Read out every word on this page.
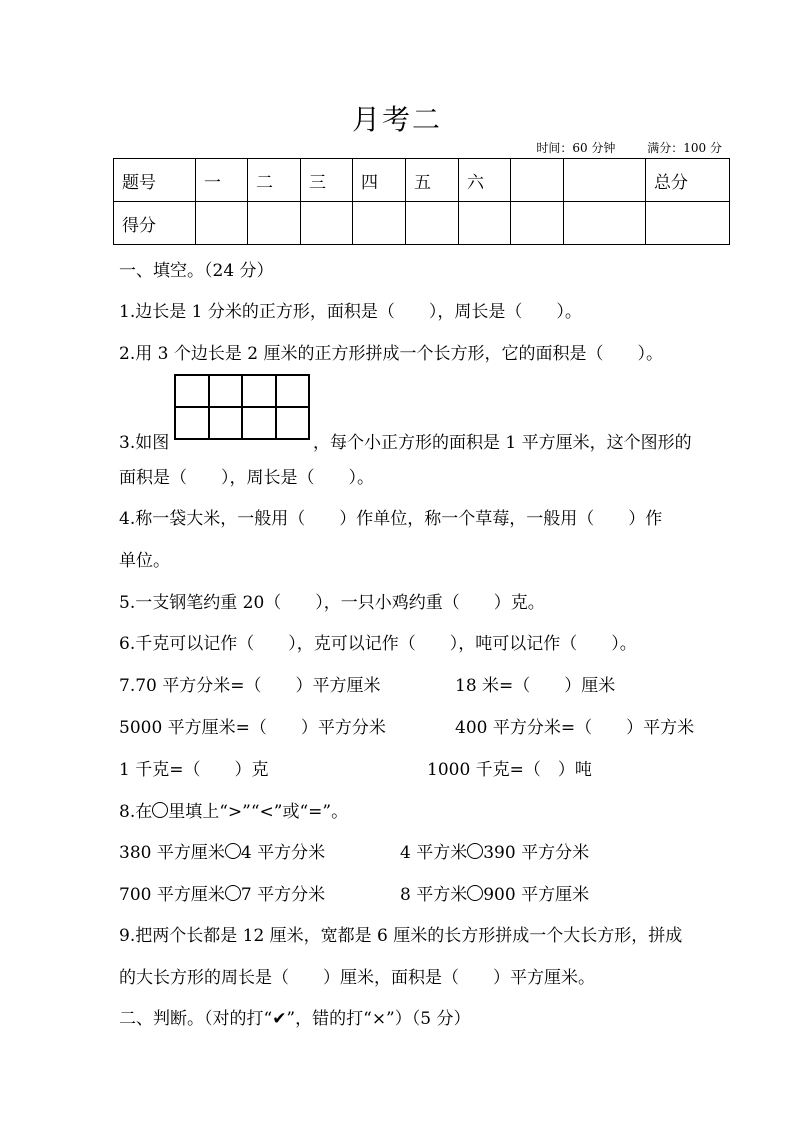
月考二
时间：60 分钟	满分：100 分
题号	一	二	三	四	五	六			总分
得分									
一、填空。（24 分）
1.边长是 1 分米的正方形，面积是（　　），周长是（　　）。
2.用 3 个边长是 2 厘米的正方形拼成一个长方形，它的面积是（　　）。
3.如图	，每个小正方形的面积是 1 平方厘米，这个图形的
面积是（　　），周长是（　　）。
4.称一袋大米，一般用（　　）作单位，称一个草莓，一般用（　　）作
单位。
5.一支钢笔约重 20（　　），一只小鸡约重（　　）克。
6.千克可以记作（　　），克可以记作（　　），吨可以记作（　　）。
7.70 平方分米=（　　）平方厘米	18 米=（　　）厘米
5000 平方厘米=（　　）平方分米	400 平方分米=（　　）平方米
1 千克=（　　）克	1000 千克=（　）吨
8.在 里填上“>”“<”或“=”。
380 平方厘米 4 平方分米	4 平方米 390 平方分米
700 平方厘米 7 平方分米	8 平方米 900 平方厘米
9.把两个长都是 12 厘米，宽都是 6 厘米的长方形拼成一个大长方形，拼成
的大长方形的周长是（　　）厘米，面积是（　　）平方厘米。
二、判断。（对的打“✔”，错的打“×”）（5 分）
